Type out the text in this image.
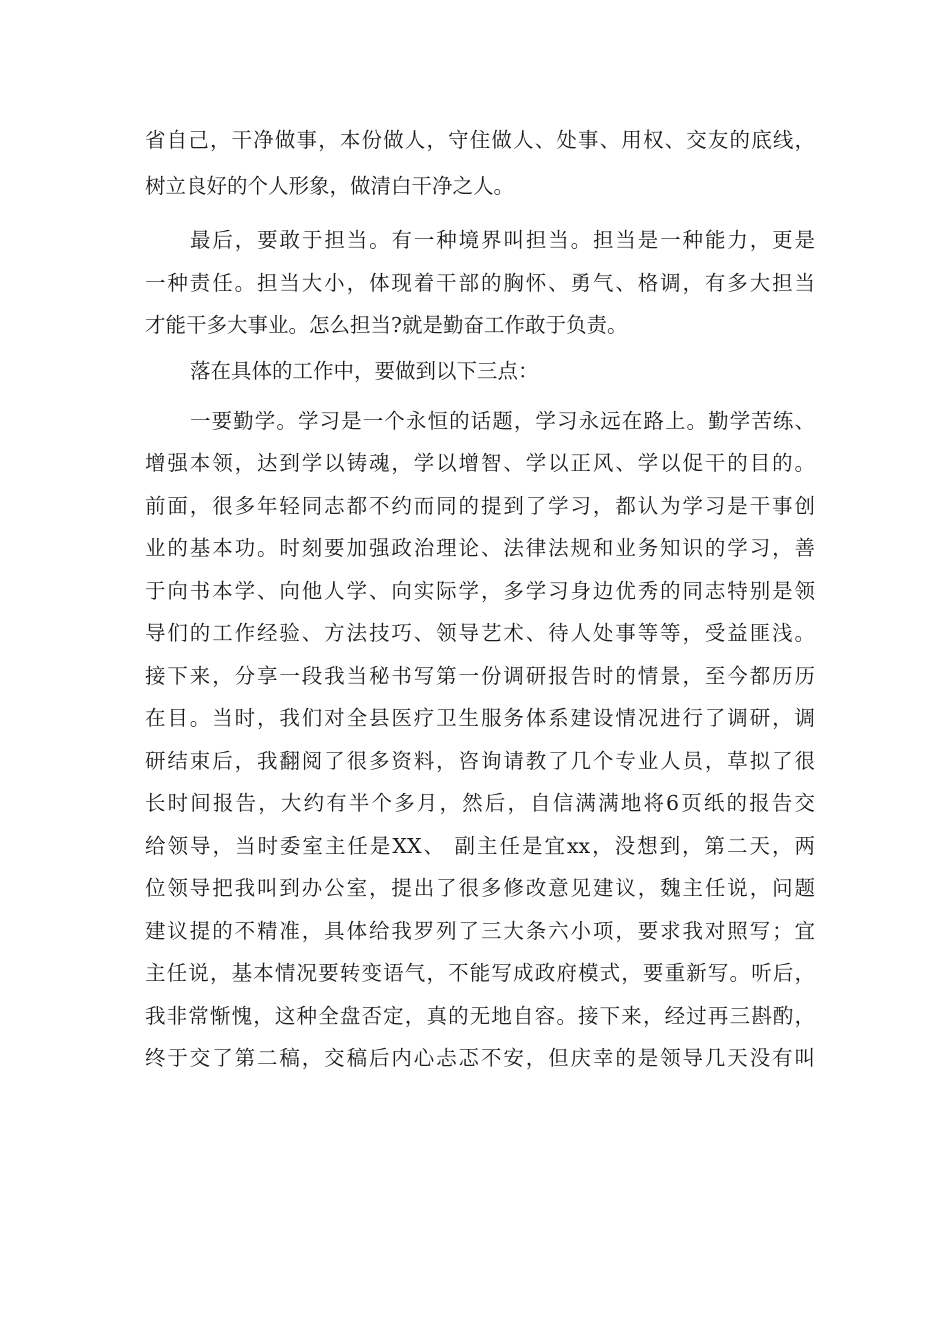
省自己，干净做事，本份做人，守住做人、处事、用权、交友的底线，
树立良好的个人形象，做清白干净之人。
最后，要敢于担当。有一种境界叫担当。担当是一种能力，更是
一种责任。担当大小，体现着干部的胸怀、勇气、格调，有多大担当
才能干多大事业。怎么担当?就是勤奋工作敢于负责。
落在具体的工作中，要做到以下三点：
一要勤学。学习是一个永恒的话题，学习永远在路上。勤学苦练、
增强本领，达到学以铸魂，学以增智、学以正风、学以促干的目的。
前面，很多年轻同志都不约而同的提到了学习，都认为学习是干事创
业的基本功。时刻要加强政治理论、法律法规和业务知识的学习，善
于向书本学、向他人学、向实际学，多学习身边优秀的同志特别是领
导们的工作经验、方法技巧、领导艺术、待人处事等等，受益匪浅。
接下来，分享一段我当秘书写第一份调研报告时的情景，至今都历历
在目。当时，我们对全县医疗卫生服务体系建设情况进行了调研，调
研结束后，我翻阅了很多资料，咨询请教了几个专业人员，草拟了很
长时间报告，大约有半个多月，然后，自信满满地将6页纸的报告交
给领导，当时委室主任是XX、 副主任是宜xx，没想到，第二天，两
位领导把我叫到办公室，提出了很多修改意见建议，魏主任说，问题
建议提的不精准，具体给我罗列了三大条六小项，要求我对照写；宜
主任说，基本情况要转变语气，不能写成政府模式，要重新写。听后，
我非常惭愧，这种全盘否定，真的无地自容。接下来，经过再三斟酌，
终于交了第二稿，交稿后内心忐忑不安，但庆幸的是领导几天没有叫
